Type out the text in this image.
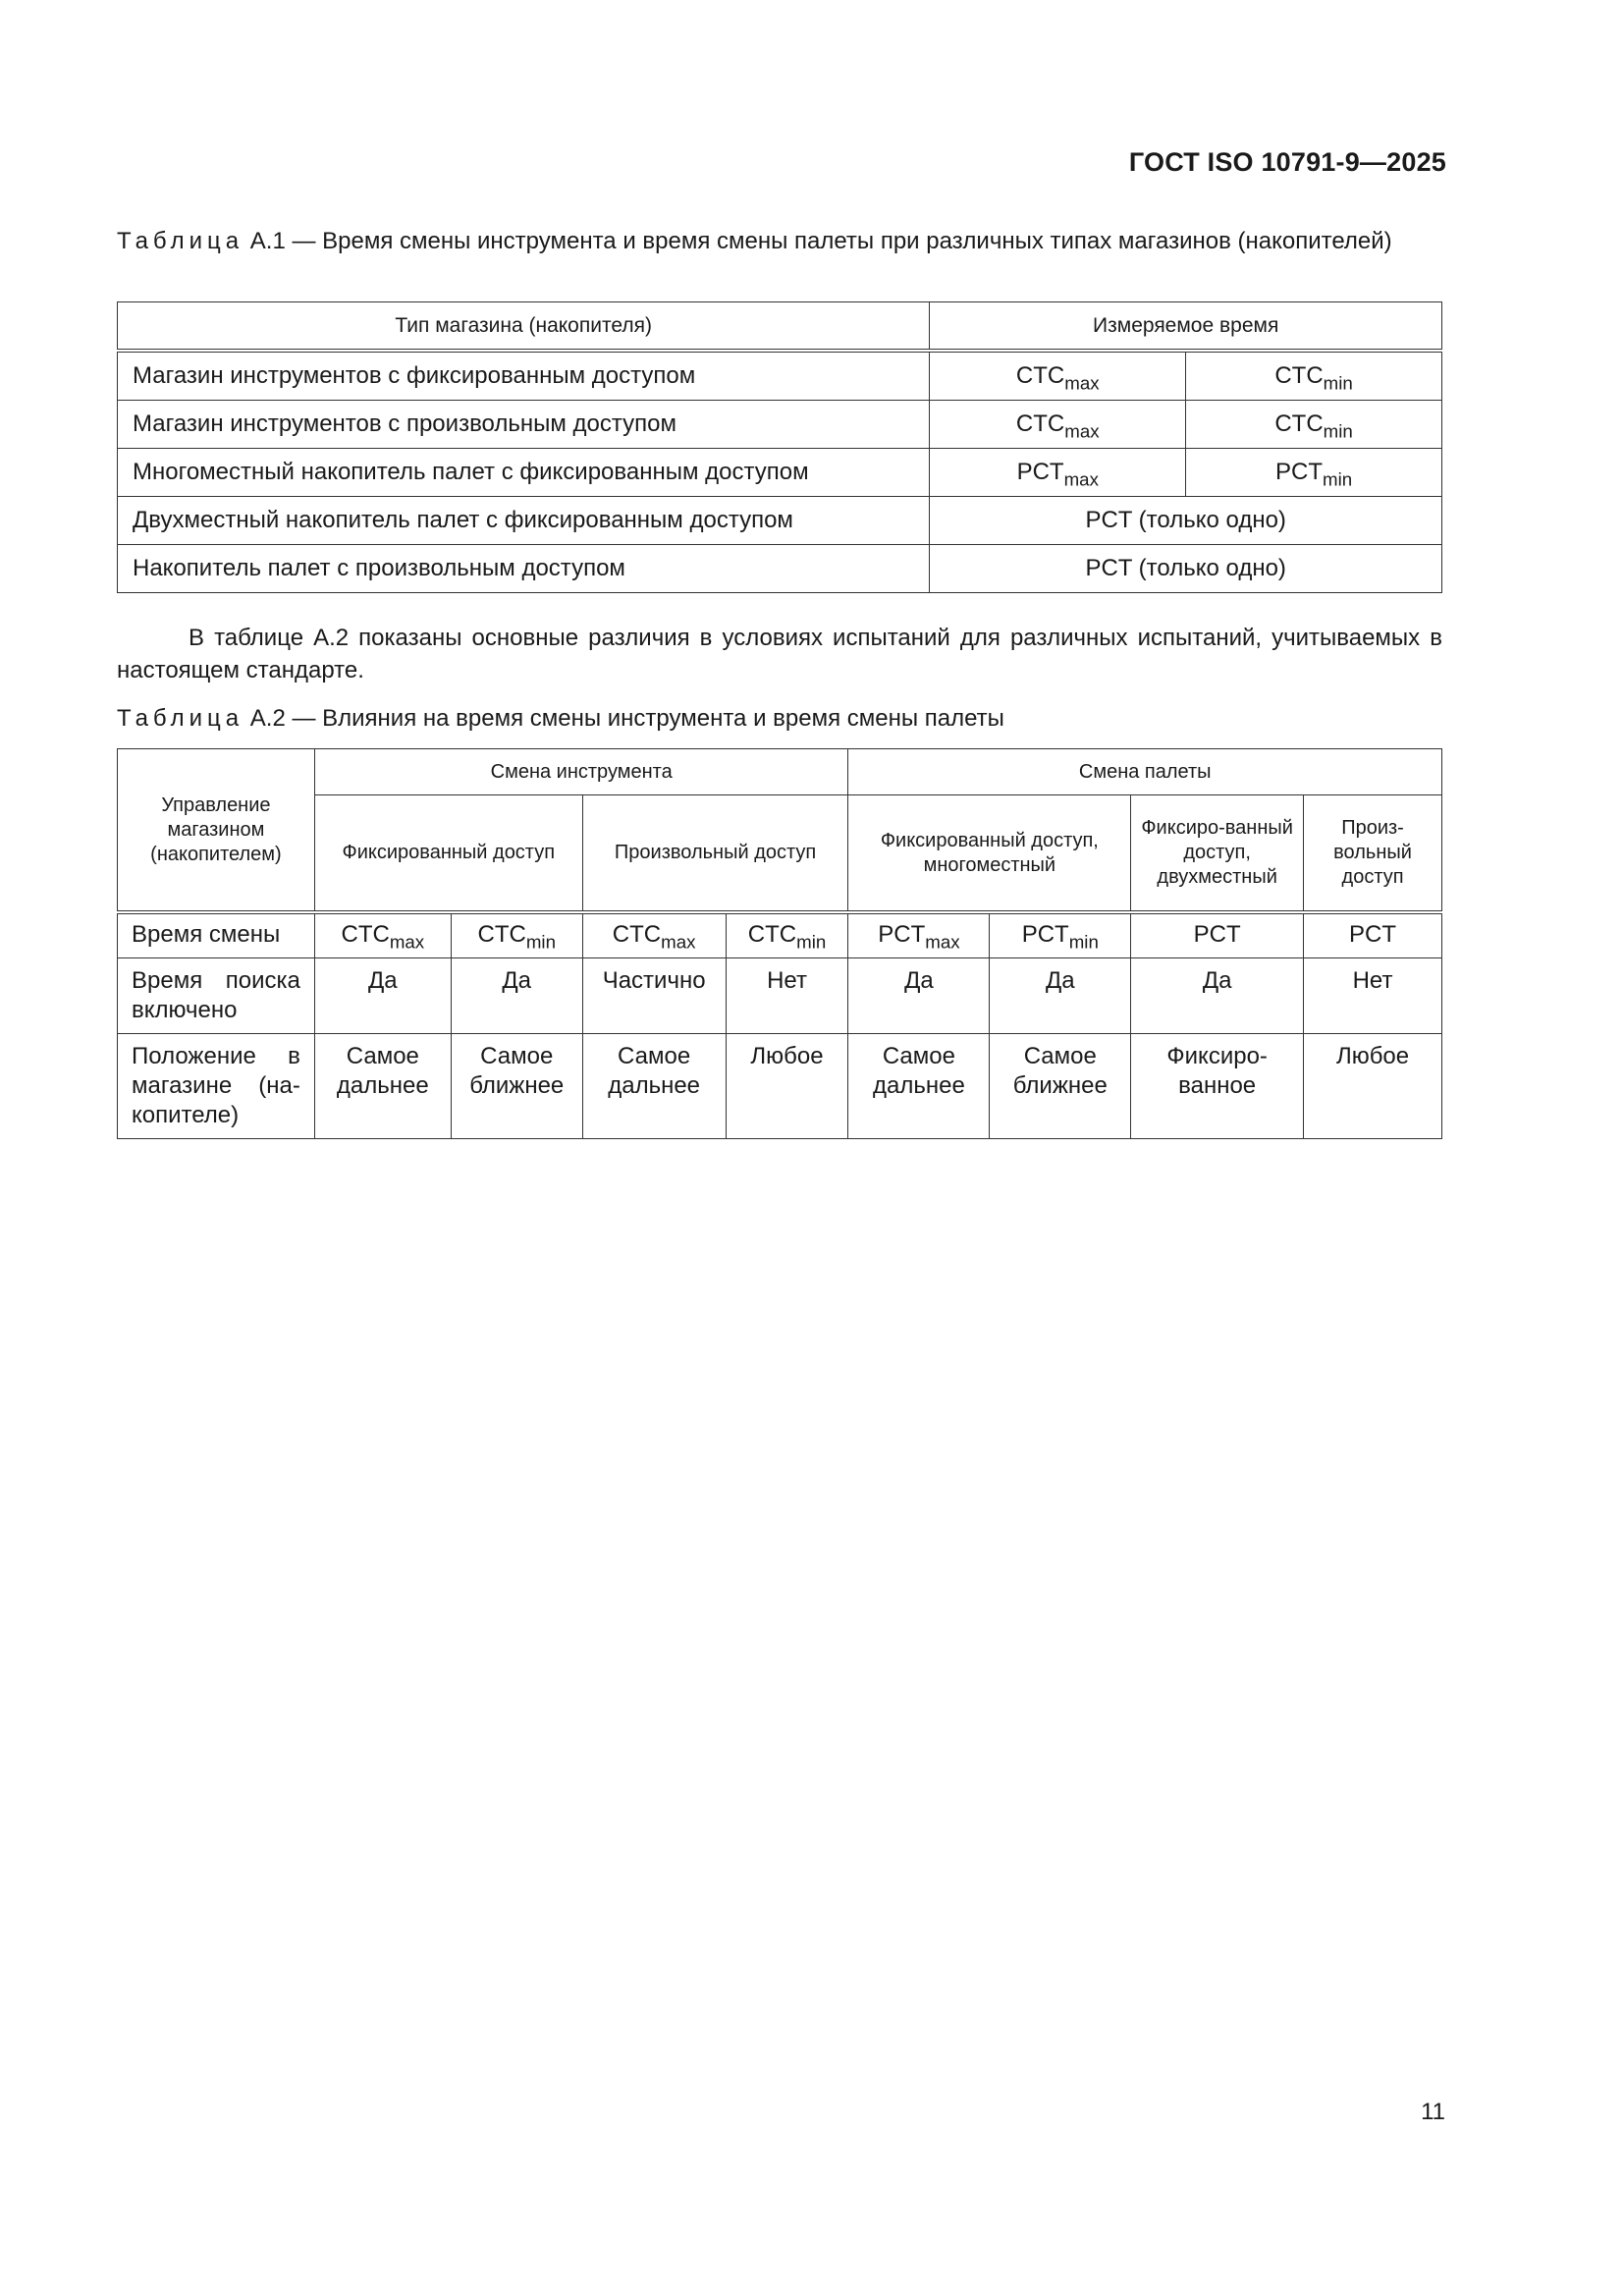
ГОСТ ISO 10791-9—2025
Таблица А.1 — Время смены инструмента и время смены палеты при различных типах магазинов (накопителей)
Тип магазина (накопителя)	Измеряемое время	
Магазин инструментов с фиксированным доступом	$CTC_{max}$	$CTC_{min}$
Магазин инструментов с произвольным доступом	$CTC_{max}$	$CTC_{min}$
Многоместный накопитель палет с фиксированным доступом	$PCT_{max}$	$PCT_{min}$
Двухместный накопитель палет с фиксированным доступом	PCT (только одно)	
Накопитель палет с произвольным доступом	PCT (только одно)	
В таблице А.2 показаны основные различия в условиях испытаний для различных испытаний, учитываемых в настоящем стандарте.
Таблица А.2 — Влияния на время смены инструмента и время смены палеты
Управление магазином (накопителем)	Смена инструмента				Смена палеты			
	Фиксированный доступ		Произвольный доступ		Фиксированный доступ, многоместный		Фиксиро-ванный доступ, двухместный	Произ-вольный доступ
Время смены	$CTC_{max}$	$CTC_{min}$	$CTC_{max}$	$CTC_{min}$	$PCT_{max}$	$PCT_{min}$	PCT	PCT
Время поиска включено	Да	Да	Частично	Нет	Да	Да	Да	Нет
Положение в магазине (на-копителе)	Самое дальнее	Самое ближнее	Самое дальнее	Любое	Самое дальнее	Самое ближнее	Фиксиро-ванное	Любое
11
